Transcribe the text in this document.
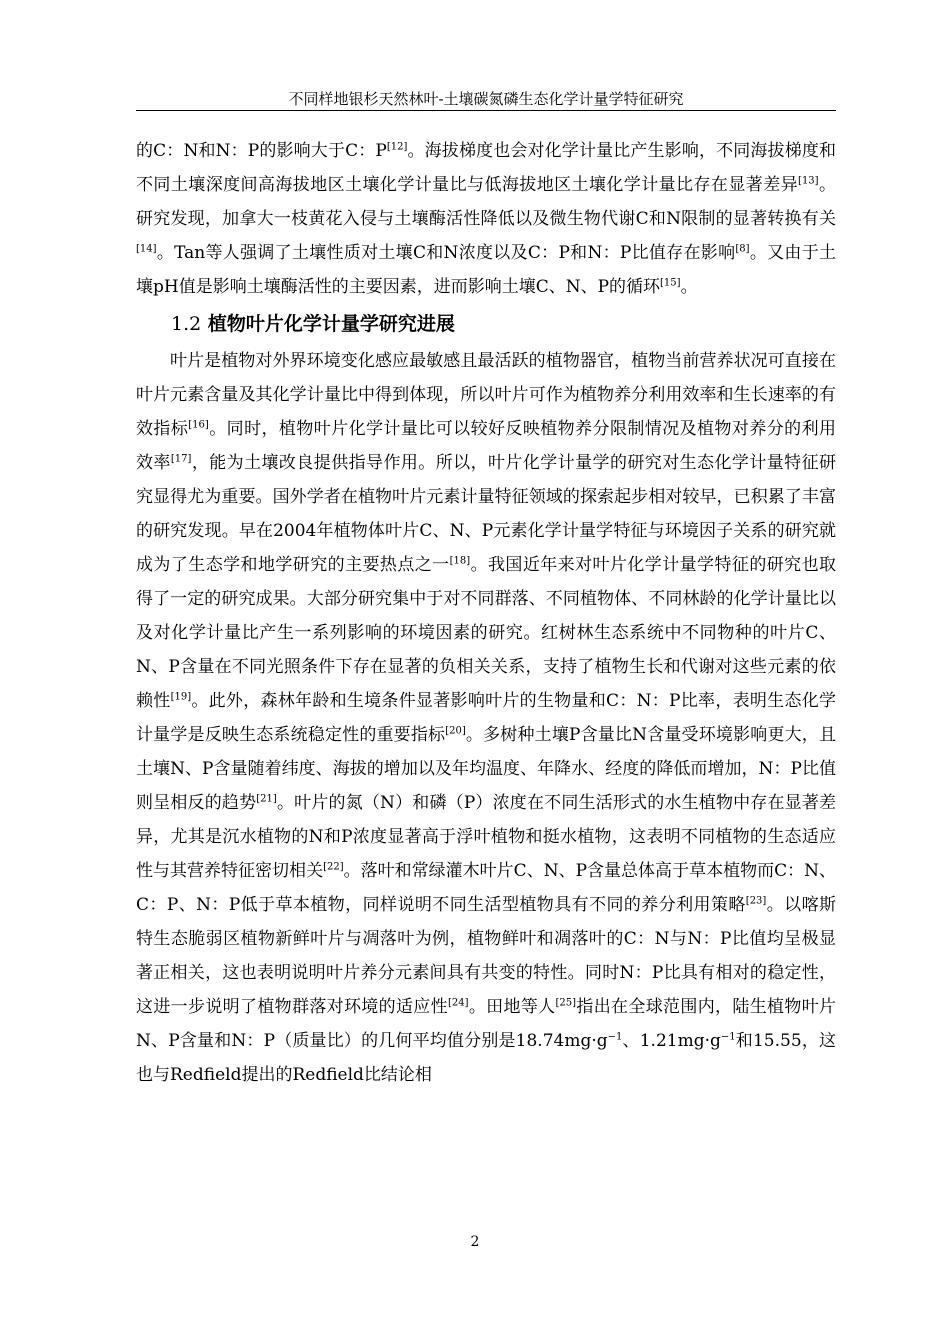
不同样地银杉天然林叶-土壤碳氮磷生态化学计量学特征研究

的C：N和N：P的影响大于C：P[12]。海拔梯度也会对化学计量比产生影响，不同海拔梯度和不同土壤深度间高海拔地区土壤化学计量比与低海拔地区土壤化学计量比存在显著差异[13]。研究发现，加拿大一枝黄花入侵与土壤酶活性降低以及微生物代谢C和N限制的显著转换有关[14]。Tan等人强调了土壤性质对土壤C和N浓度以及C：P和N：P比值存在影响[8]。又由于土壤pH值是影响土壤酶活性的主要因素，进而影响土壤C、N、P的循环[15]。

1.2 植物叶片化学计量学研究进展

叶片是植物对外界环境变化感应最敏感且最活跃的植物器官，植物当前营养状况可直接在叶片元素含量及其化学计量比中得到体现，所以叶片可作为植物养分利用效率和生长速率的有效指标[16]。同时，植物叶片化学计量比可以较好反映植物养分限制情况及植物对养分的利用效率[17]，能为土壤改良提供指导作用。所以，叶片化学计量学的研究对生态化学计量特征研究显得尤为重要。国外学者在植物叶片元素计量特征领域的探索起步相对较早，已积累了丰富的研究发现。早在2004年植物体叶片C、N、P元素化学计量学特征与环境因子关系的研究就成为了生态学和地学研究的主要热点之一[18]。我国近年来对叶片化学计量学特征的研究也取得了一定的研究成果。大部分研究集中于对不同群落、不同植物体、不同林龄的化学计量比以及对化学计量比产生一系列影响的环境因素的研究。红树林生态系统中不同物种的叶片C、N、P含量在不同光照条件下存在显著的负相关关系，支持了植物生长和代谢对这些元素的依赖性[19]。此外，森林年龄和生境条件显著影响叶片的生物量和C：N：P比率，表明生态化学计量学是反映生态系统稳定性的重要指标[20]。多树种土壤P含量比N含量受环境影响更大，且土壤N、P含量随着纬度、海拔的增加以及年均温度、年降水、经度的降低而增加，N：P比值则呈相反的趋势[21]。叶片的氮（N）和磷（P）浓度在不同生活形式的水生植物中存在显著差异，尤其是沉水植物的N和P浓度显著高于浮叶植物和挺水植物，这表明不同植物的生态适应性与其营养特征密切相关[22]。落叶和常绿灌木叶片C、N、P含量总体高于草本植物而C：N、C：P、N：P低于草本植物，同样说明不同生活型植物具有不同的养分利用策略[23]。以喀斯特生态脆弱区植物新鲜叶片与凋落叶为例，植物鲜叶和凋落叶的C：N与N：P比值均呈极显著正相关，这也表明说明叶片养分元素间具有共变的特性。同时N：P比具有相对的稳定性，这进一步说明了植物群落对环境的适应性[24]。田地等人[25]指出在全球范围内，陆生植物叶片N、P含量和N：P（质量比）的几何平均值分别是$18.74mg\cdot g^{-1}$、$1.21mg\cdot g^{-1}$和15.55，这也与Redfield提出的Redfield比结论相

2
